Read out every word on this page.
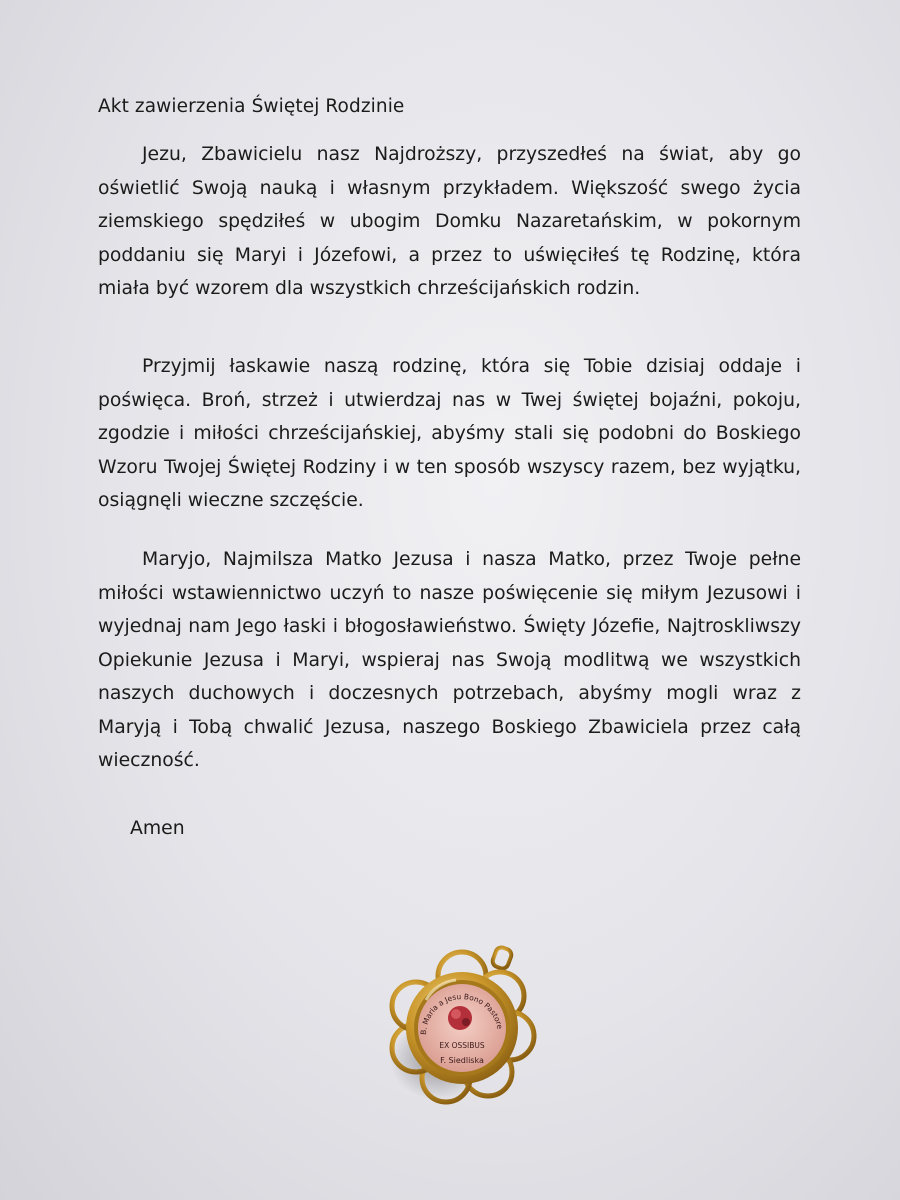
Akt zawierzenia Świętej Rodzinie

Jezu, Zbawicielu nasz Najdroższy, przyszedłeś na świat, aby go oświetlić Swoją nauką i własnym przykładem. Większość swego życia ziemskiego spędziłeś w ubogim Domku Nazaretańskim, w pokornym poddaniu się Maryi i Józefowi, a przez to uświęciłeś tę Rodzinę, która miała być wzorem dla wszystkich chrześcijańskich rodzin.

Przyjmij łaskawie naszą rodzinę, która się Tobie dzisiaj oddaje i poświęca. Broń, strzeż i utwierdzaj nas w Twej świętej bojaźni, pokoju, zgodzie i miłości chrześcijańskiej, abyśmy stali się podobni do Boskiego Wzoru Twojej Świętej Rodziny i w ten sposób wszyscy razem, bez wyjątku, osiągnęli wieczne szczęście.

Maryjo, Najmilsza Matko Jezusa i nasza Matko, przez Twoje pełne miłości wstawiennictwo uczyń to nasze poświęcenie się miłym Jezusowi i wyjednaj nam Jego łaski i błogosławieństwo. Święty Józefie, Najtroskliwszy Opiekunie Jezusa i Maryi, wspieraj nas Swoją modlitwą we wszystkich naszych duchowych i doczesnych potrzebach, abyśmy mogli wraz z Maryją i Tobą chwalić Jezusa, naszego Boskiego Zbawiciela przez całą wieczność.

Amen

B. Maria a Jesu Bono Pastore
EX OSSIBUS
F. Siedliska
